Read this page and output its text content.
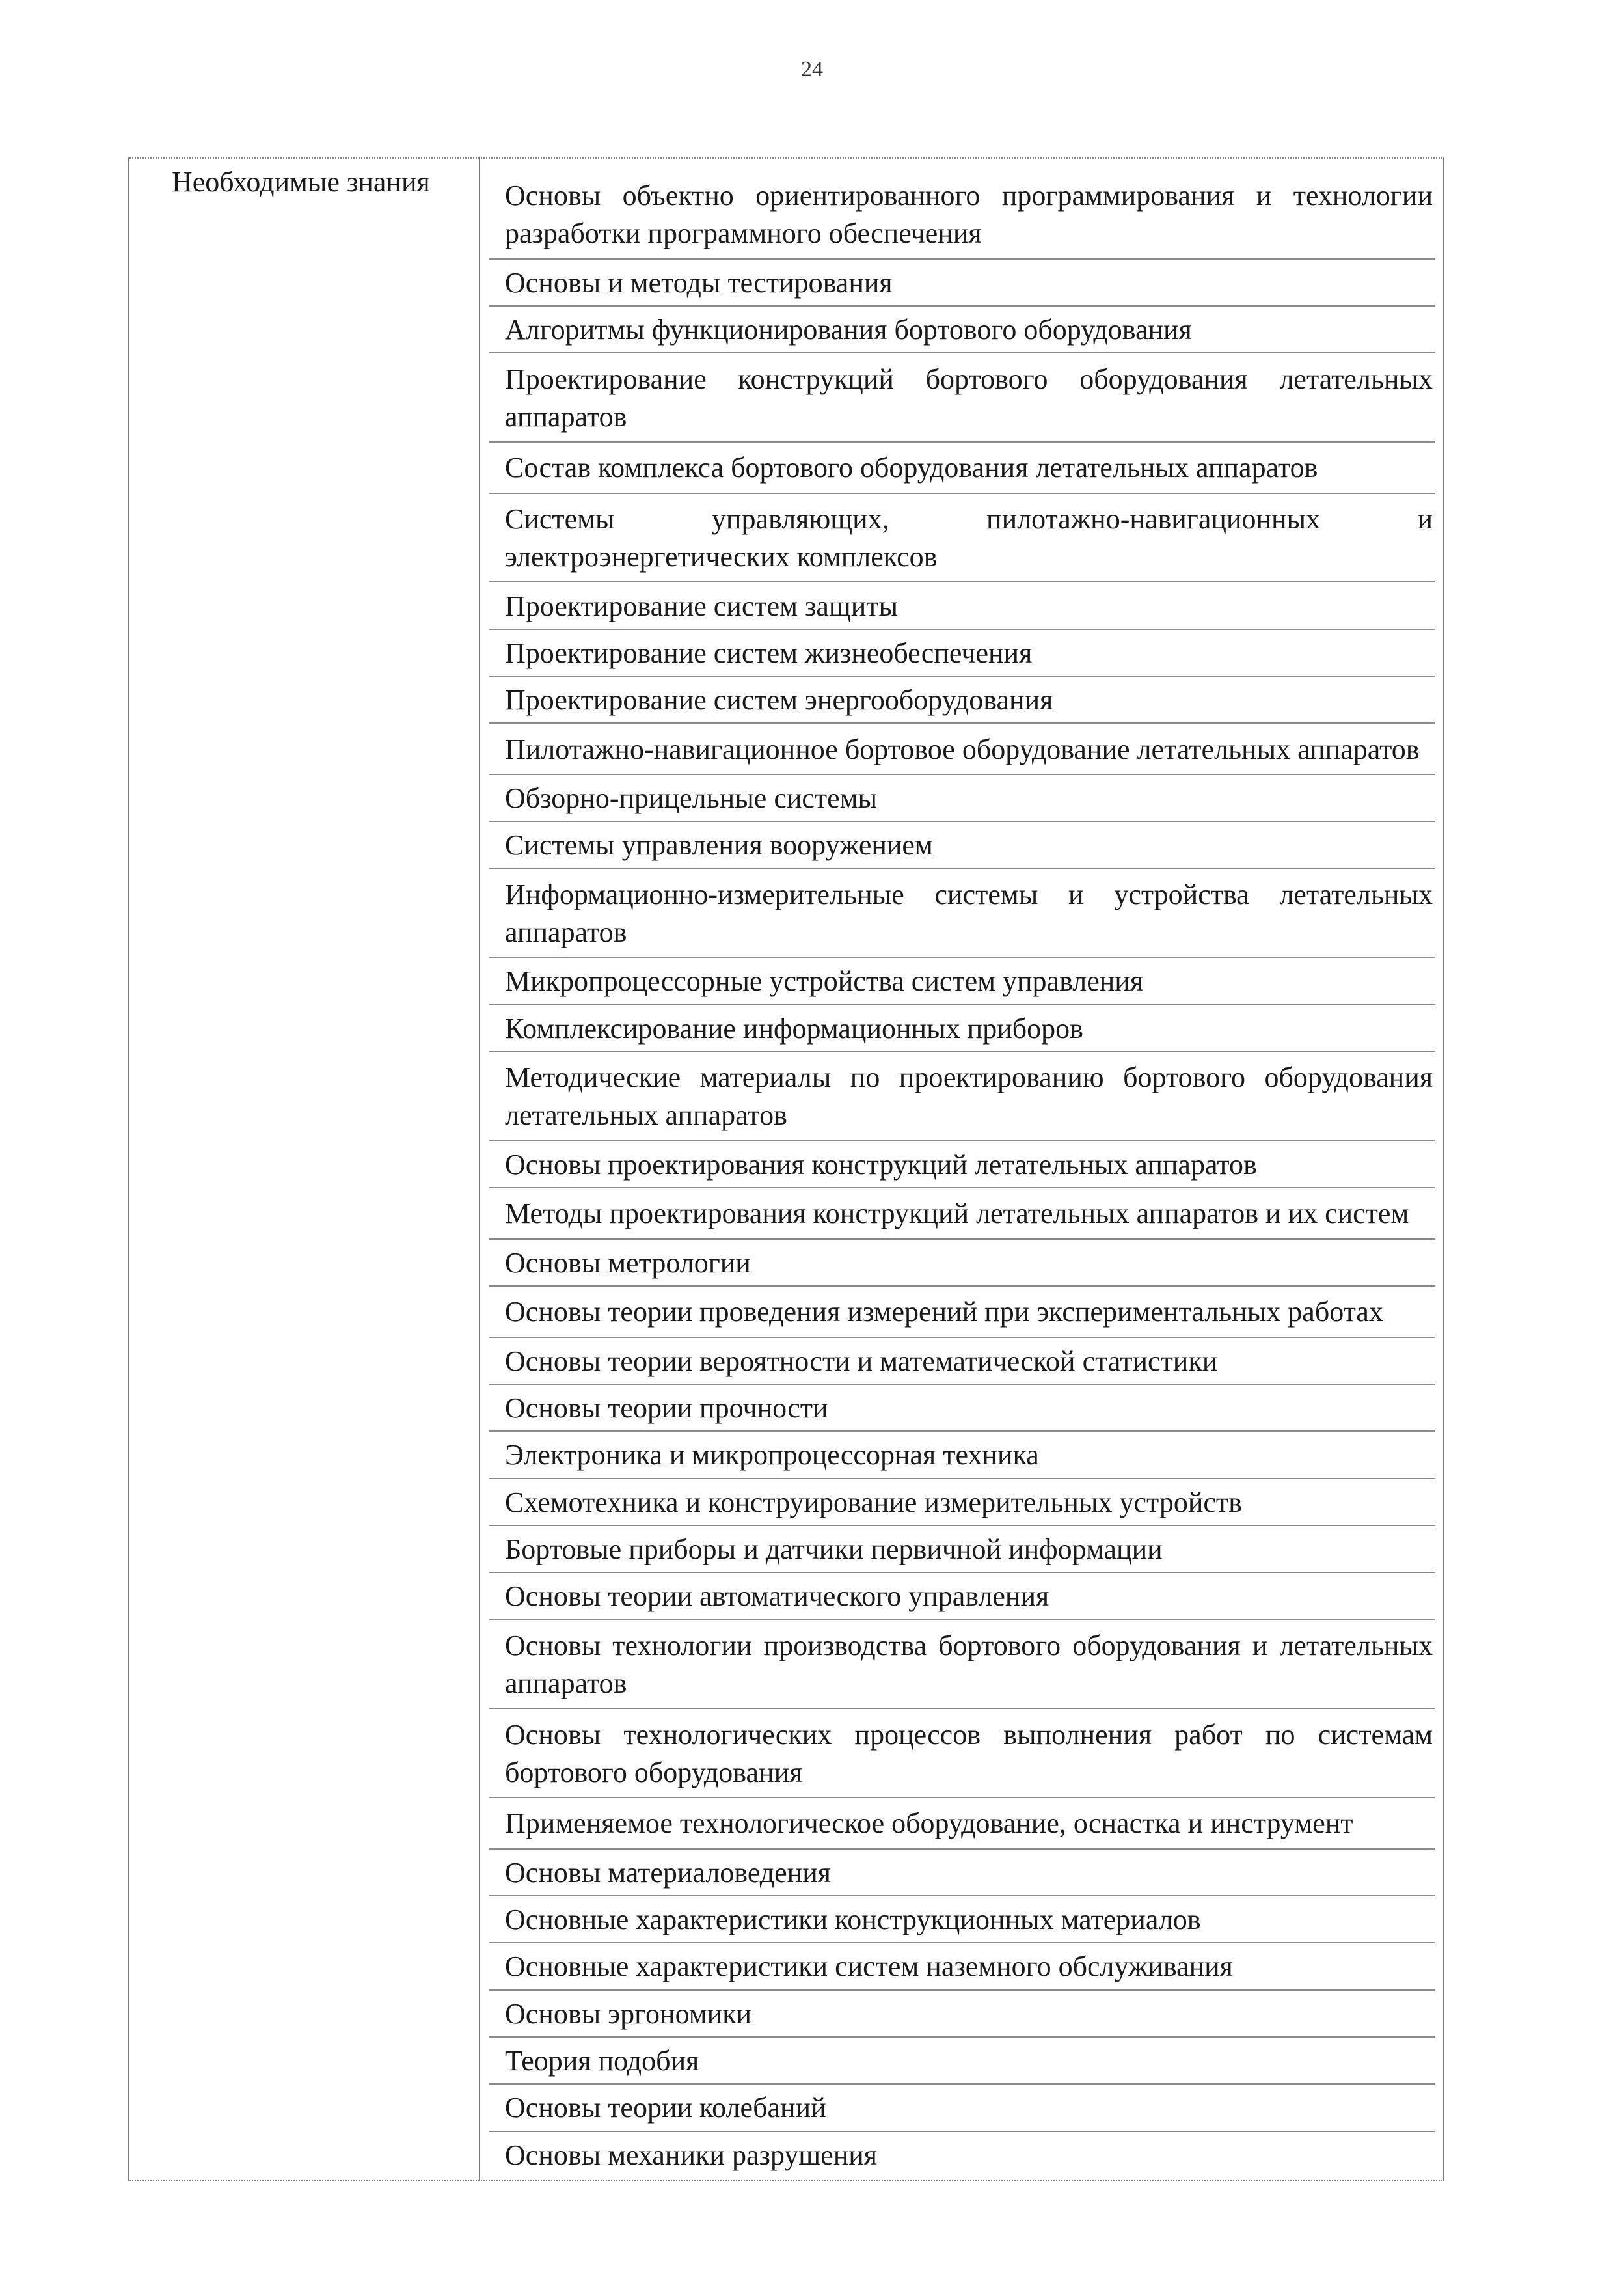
24
Необходимые знания	Основы объектно ориентированного программирования и технологии разработки программного обеспечения
Основы и методы тестирования
Алгоритмы функционирования бортового оборудования
Проектирование конструкций бортового оборудования летательных аппаратов
Состав комплекса бортового оборудования летательных аппаратов
Системы управляющих, пилотажно-навигационных и электроэнергетических комплексов
Проектирование систем защиты
Проектирование систем жизнеобеспечения
Проектирование систем энергооборудования
Пилотажно-навигационное бортовое оборудование летательных аппаратов
Обзорно-прицельные системы
Системы управления вооружением
Информационно-измерительные системы и устройства летательных аппаратов
Микропроцессорные устройства систем управления
Комплексирование информационных приборов
Методические материалы по проектированию бортового оборудования летательных аппаратов
Основы проектирования конструкций летательных аппаратов
Методы проектирования конструкций летательных аппаратов и их систем
Основы метрологии
Основы теории проведения измерений при экспериментальных работах
Основы теории вероятности и математической статистики
Основы теории прочности
Электроника и микропроцессорная техника
Схемотехника и конструирование измерительных устройств
Бортовые приборы и датчики первичной информации
Основы теории автоматического управления
Основы технологии производства бортового оборудования и летательных аппаратов
Основы технологических процессов выполнения работ по системам бортового оборудования
Применяемое технологическое оборудование, оснастка и инструмент
Основы материаловедения
Основные характеристики конструкционных материалов
Основные характеристики систем наземного обслуживания
Основы эргономики
Теория подобия
Основы теории колебаний
Основы механики разрушения
